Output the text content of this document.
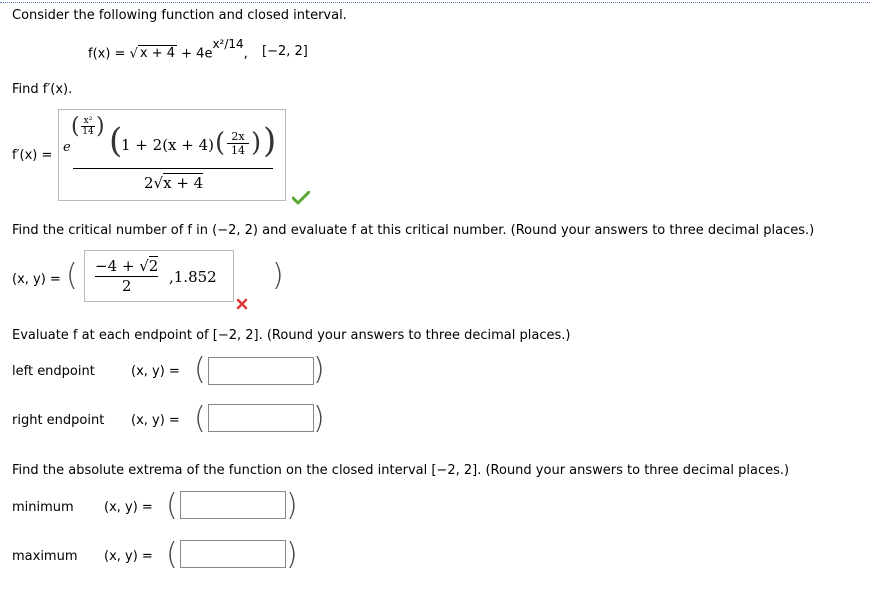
Consider the following function and closed interval.
f(x) = √ $x + 4 + 4e^{x^2/14}$, [−2, 2]
Find f′(x).
f′(x) =
e
( $\frac{\text{x²}}{14}$ ) (
1 + 2(x + 4) ( $\frac{2x}{14}$ ) )
2√x + 4
Find the critical number of f in (−2, 2) and evaluate f at this critical number. (Round your answers to three decimal places.)
(x, y) = ( $\frac{-4 + √2}{2} ,1.852$ )
Evaluate f at each endpoint of [−2, 2]. (Round your answers to three decimal places.)
left endpoint	(x, y) = (	)
right endpoint (x, y) = (	)
Find the absolute extrema of the function on the closed interval [−2, 2]. (Round your answers to three decimal places.)
minimum (x, y) = (	)
maximum (x, y) = (	)
